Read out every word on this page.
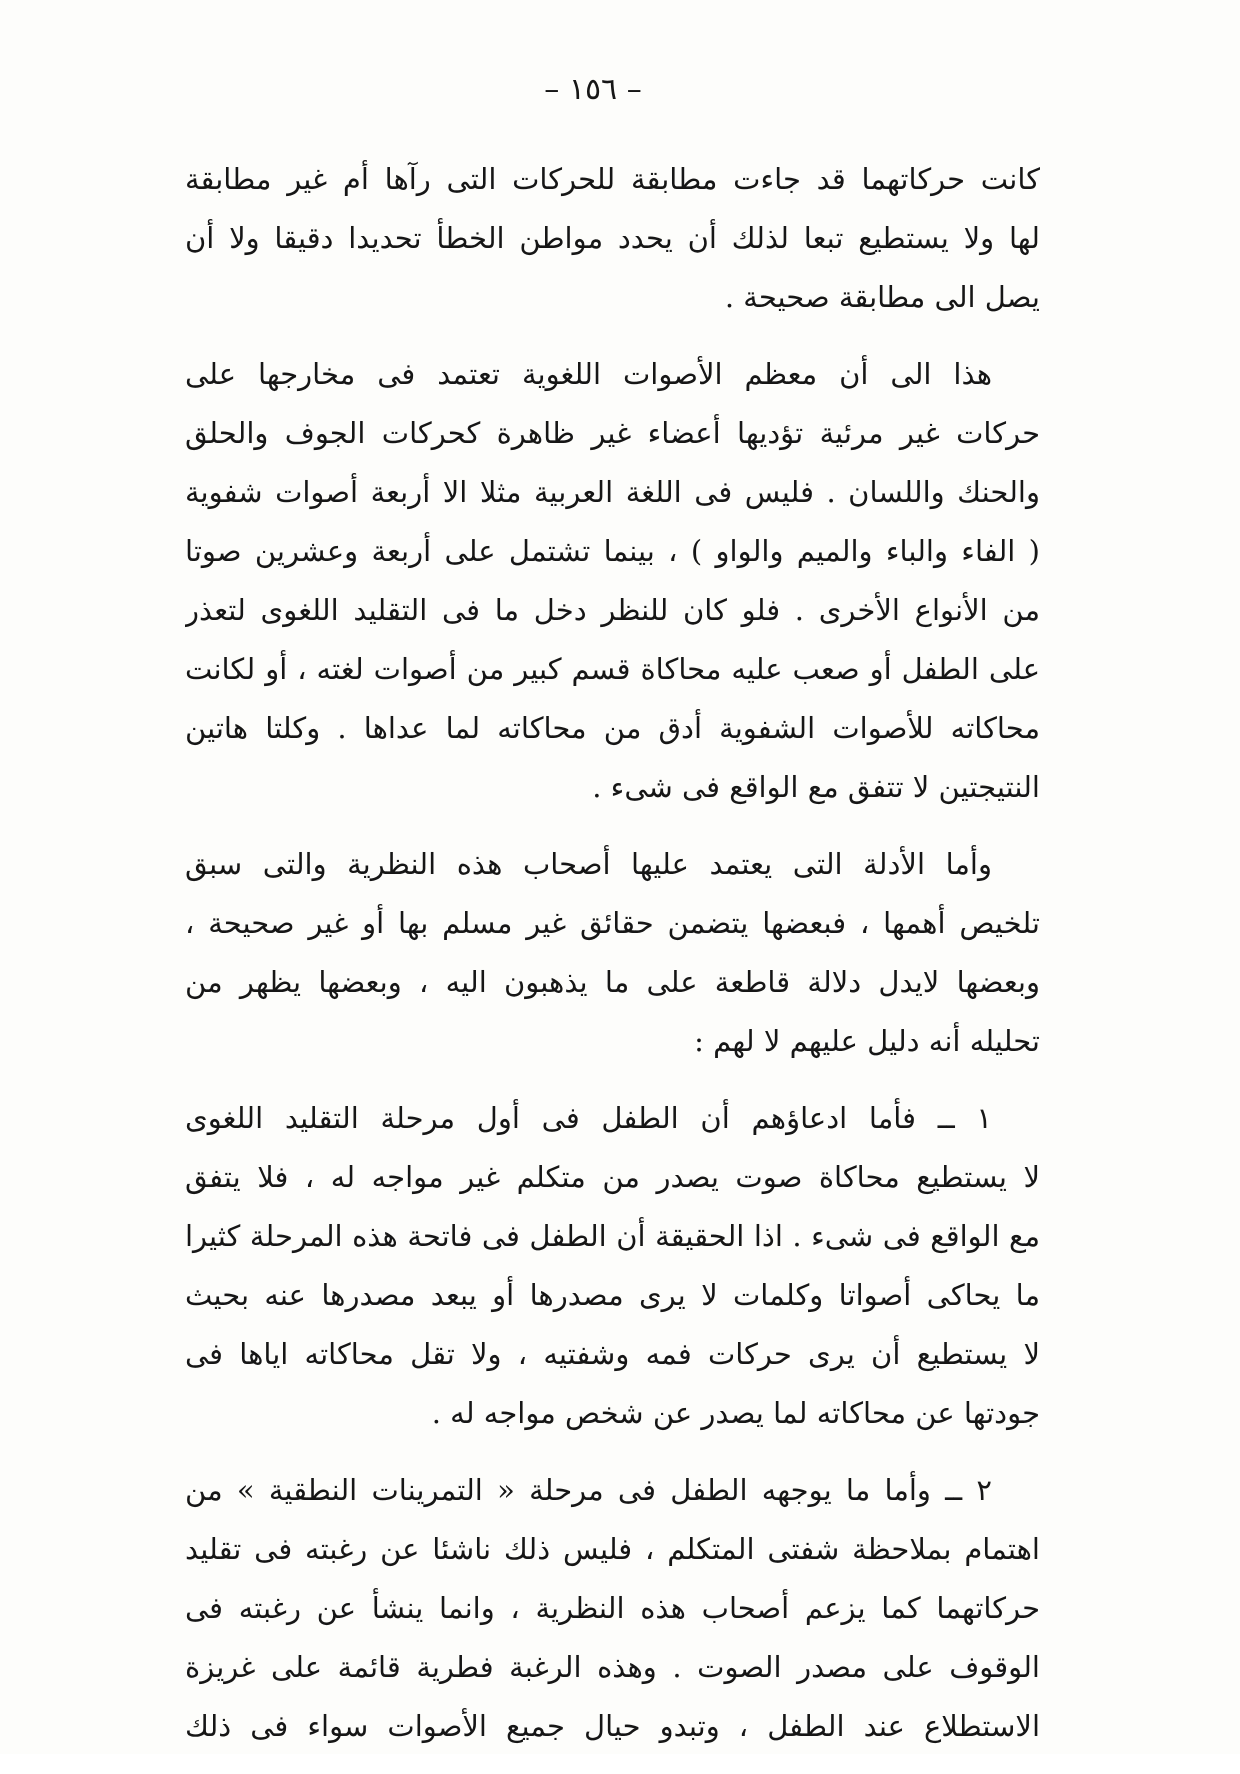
– ١٥٦ –
كانت حركاتهما قد جاءت مطابقة للحركات التى رآها أم غير مطابقة
لها ولا يستطيع تبعا لذلك أن يحدد مواطن الخطأ تحديدا دقيقا ولا أن
يصل الى مطابقة صحيحة .
هذا الى أن معظم الأصوات اللغوية تعتمد فى مخارجها على
حركات غير مرئية تؤديها أعضاء غير ظاهرة كحركات الجوف والحلق
والحنك واللسان . فليس فى اللغة العربية مثلا الا أربعة أصوات شفوية
( الفاء والباء والميم والواو ) ، بينما تشتمل على أربعة وعشرين صوتا
من الأنواع الأخرى . فلو كان للنظر دخل ما فى التقليد اللغوى لتعذر
على الطفل أو صعب عليه محاكاة قسم كبير من أصوات لغته ، أو لكانت
محاكاته للأصوات الشفوية أدق من محاكاته لما عداها . وكلتا هاتين
النتيجتين لا تتفق مع الواقع فى شىء .
وأما الأدلة التى يعتمد عليها أصحاب هذه النظرية والتى سبق
تلخيص أهمها ، فبعضها يتضمن حقائق غير مسلم بها أو غير صحيحة ،
وبعضها لايدل دلالة قاطعة على ما يذهبون اليه ، وبعضها يظهر من
تحليله أنه دليل عليهم لا لهم :
١ ــ فأما ادعاؤهم أن الطفل فى أول مرحلة التقليد اللغوى
لا يستطيع محاكاة صوت يصدر من متكلم غير مواجه له ، فلا يتفق
مع الواقع فى شىء . اذا الحقيقة أن الطفل فى فاتحة هذه المرحلة كثيرا
ما يحاكى أصواتا وكلمات لا يرى مصدرها أو يبعد مصدرها عنه بحيث
لا يستطيع أن يرى حركات فمه وشفتيه ، ولا تقل محاكاته اياها فى
جودتها عن محاكاته لما يصدر عن شخص مواجه له .
٢ ــ وأما ما يوجهه الطفل فى مرحلة « التمرينات النطقية » من
اهتمام بملاحظة شفتى المتكلم ، فليس ذلك ناشئا عن رغبته فى تقليد
حركاتهما كما يزعم أصحاب هذه النظرية ، وانما ينشأ عن رغبته فى
الوقوف على مصدر الصوت . وهذه الرغبة فطرية قائمة على غريزة
الاستطلاع عند الطفل ، وتبدو حيال جميع الأصوات سواء فى ذلك
